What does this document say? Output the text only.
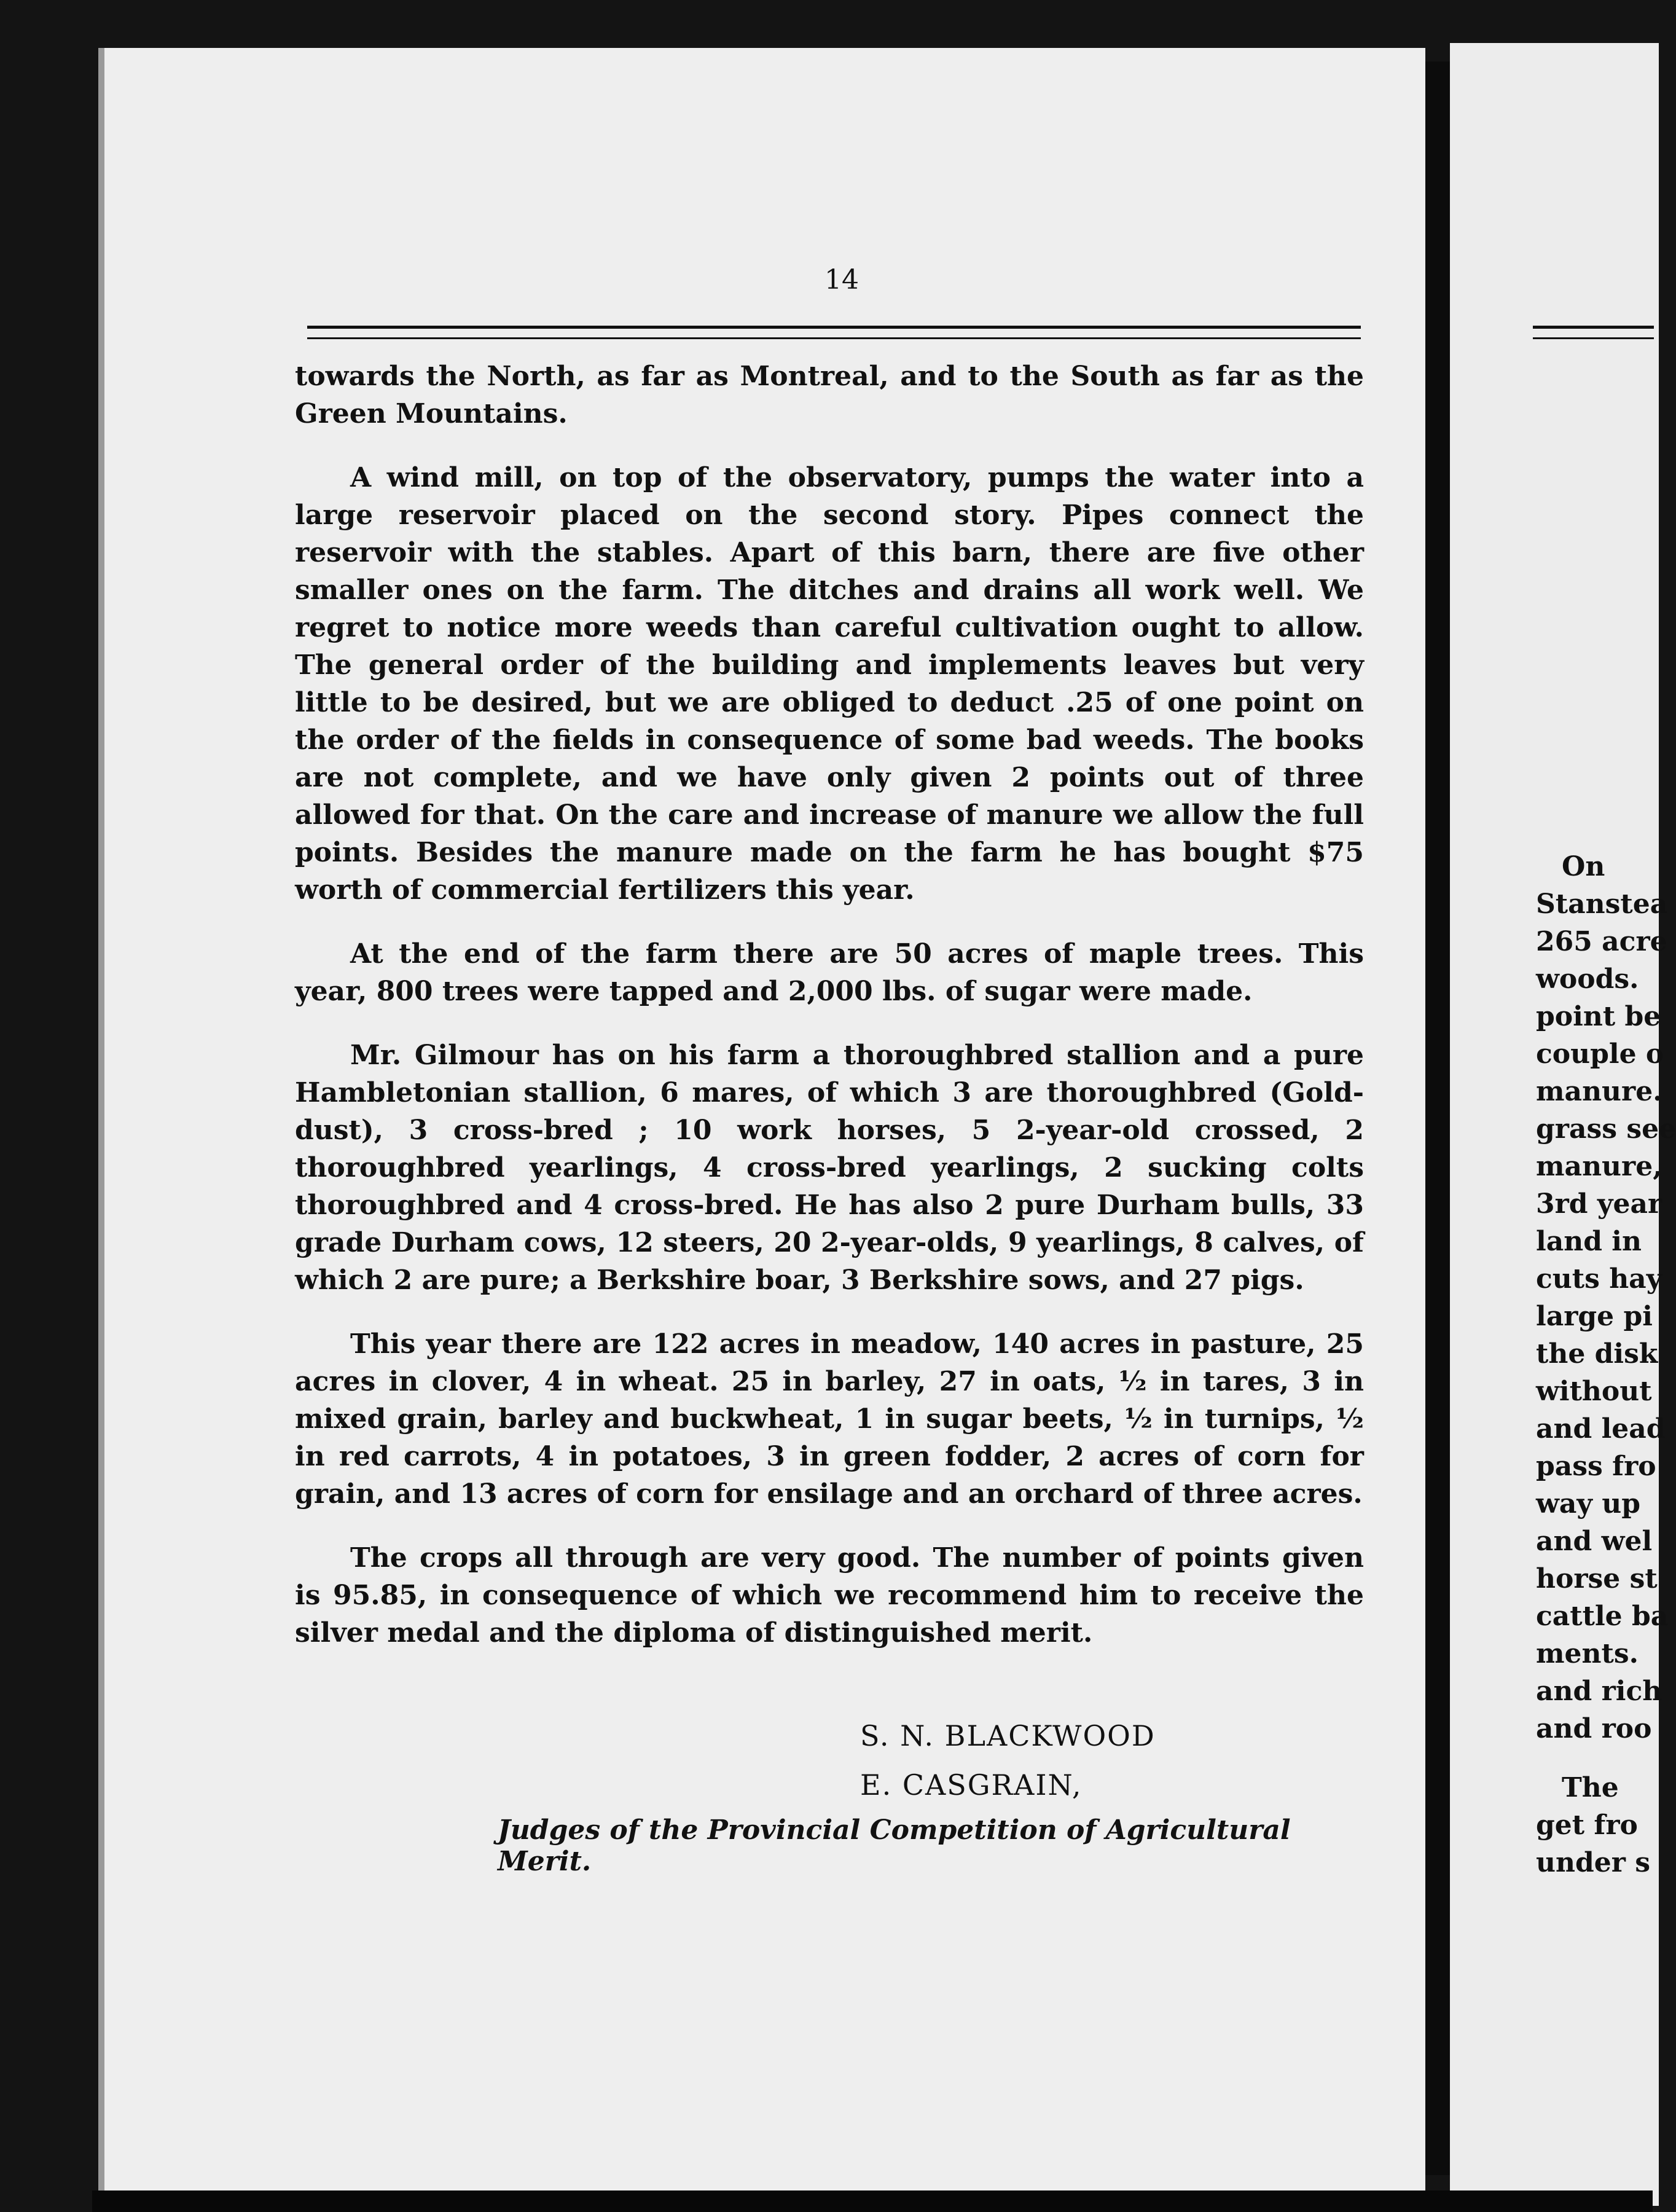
14

towards the North, as far as Montreal, and to the South as far as the Green Mountains.

A wind mill, on top of the observatory, pumps the water into a large reservoir placed on the second story. Pipes connect the reservoir with the stables. Apart of this barn, there are five other smaller ones on the farm. The ditches and drains all work well. We regret to notice more weeds than careful cultivation ought to allow. The general order of the building and implements leaves but very little to be desired, but we are obliged to deduct .25 of one point on the order of the fields in consequence of some bad weeds. The books are not complete, and we have only given 2 points out of three allowed for that. On the care and increase of manure we allow the full points. Besides the manure made on the farm he has bought $75 worth of commercial fertilizers this year.

At the end of the farm there are 50 acres of maple trees. This year, 800 trees were tapped and 2,000 lbs. of sugar were made.

Mr. Gilmour has on his farm a thoroughbred stallion and a pure Hambletonian stallion, 6 mares, of which 3 are thoroughbred (Gold-dust), 3 cross-bred ; 10 work horses, 5 2-year-old crossed, 2 thoroughbred yearlings, 4 cross-bred yearlings, 2 sucking colts thoroughbred and 4 cross-bred. He has also 2 pure Durham bulls, 33 grade Durham cows, 12 steers, 20 2-year-olds, 9 yearlings, 8 calves, of which 2 are pure; a Berkshire boar, 3 Berkshire sows, and 27 pigs.

This year there are 122 acres in meadow, 140 acres in pasture, 25 acres in clover, 4 in wheat. 25 in barley, 27 in oats, ½ in tares, 3 in mixed grain, barley and buckwheat, 1 in sugar beets, ½ in turnips, ½ in red carrots, 4 in potatoes, 3 in green fodder, 2 acres of corn for grain, and 13 acres of corn for ensilage and an orchard of three acres.

The crops all through are very good. The number of points given is 95.85, in consequence of which we recommend him to receive the silver medal and the diploma of distinguished merit.

S. N. BLACKWOOD
E. CASGRAIN,
Judges of the Provincial Competition of Agricultural Merit.
On
Stanstea
265 acre
woods.
point be
couple o
manure.
grass see
manure,
3rd year
land in
cuts hay
large pi
the disk
without
and lead
pass fro
way up
and wel
horse st
cattle ba
ments.
and rich
and roo
The
get fro
under s
